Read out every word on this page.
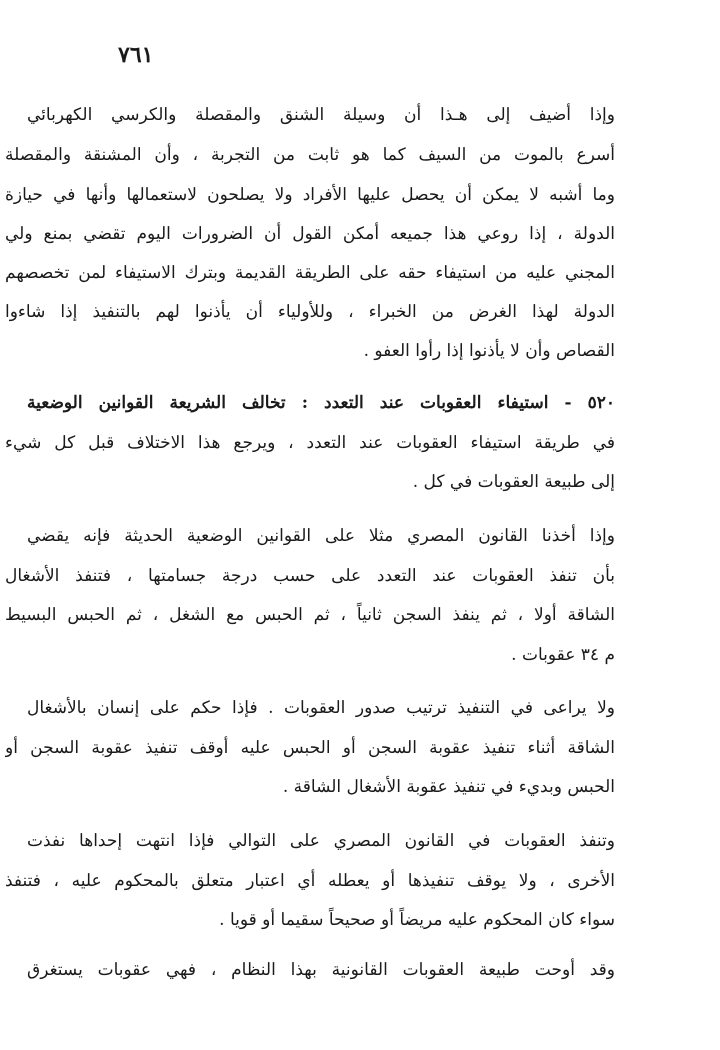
٧٦١
وإذا أضيف إلى هـذا أن وسيلة الشنق والمقصلة والكرسي الكهربائي
أسرع بالموت من السيف كما هو ثابت من التجربة ، وأن المشنقة والمقصلة
وما أشبه لا يمكن أن يحصل عليها الأفراد ولا يصلحون لاستعمالها وأنها في حيازة
الدولة ، إذا روعي هذا جميعه أمكن القول أن الضرورات اليوم تقضي بمنع ولي
المجني عليه من استيفاء حقه على الطريقة القديمة وبترك الاستيفاء لمن تخصصهم
الدولة لهذا الغرض من الخبراء ، وللأولياء أن يأذنوا لهم بالتنفيذ إذا شاءوا
القصاص وأن لا يأذنوا إذا رأوا العفو .
٥٢٠ - استيفاء العقوبات عند التعدد : تخالف الشريعة القوانين الوضعية
في طريقة استيفاء العقوبات عند التعدد ، ويرجع هذا الاختلاف قبل كل شيء
إلى طبيعة العقوبات في كل .
وإذا أخذنا القانون المصري مثلا على القوانين الوضعية الحديثة فإنه يقضي
بأن تنفذ العقوبات عند التعدد على حسب درجة جسامتها ، فتنفذ الأشغال
الشاقة أولا ، ثم ينفذ السجن ثانياً ، ثم الحبس مع الشغل ، ثم الحبس البسيط
م ٣٤ عقوبات .
ولا يراعى في التنفيذ ترتيب صدور العقوبات . فإذا حكم على إنسان بالأشغال
الشاقة أثناء تنفيذ عقوبة السجن أو الحبس عليه أوقف تنفيذ عقوبة السجن أو
الحبس وبديء في تنفيذ عقوبة الأشغال الشاقة .
وتنفذ العقوبات في القانون المصري على التوالي فإذا انتهت إحداها نفذت
الأخرى ، ولا يوقف تنفيذها أو يعطله أي اعتبار متعلق بالمحكوم عليه ، فتنفذ
سواء كان المحكوم عليه مريضاً أو صحيحاً سقيما أو قويا .
وقد أوحت طبيعة العقوبات القانونية بهذا النظام ، فهي عقوبات يستغرق
